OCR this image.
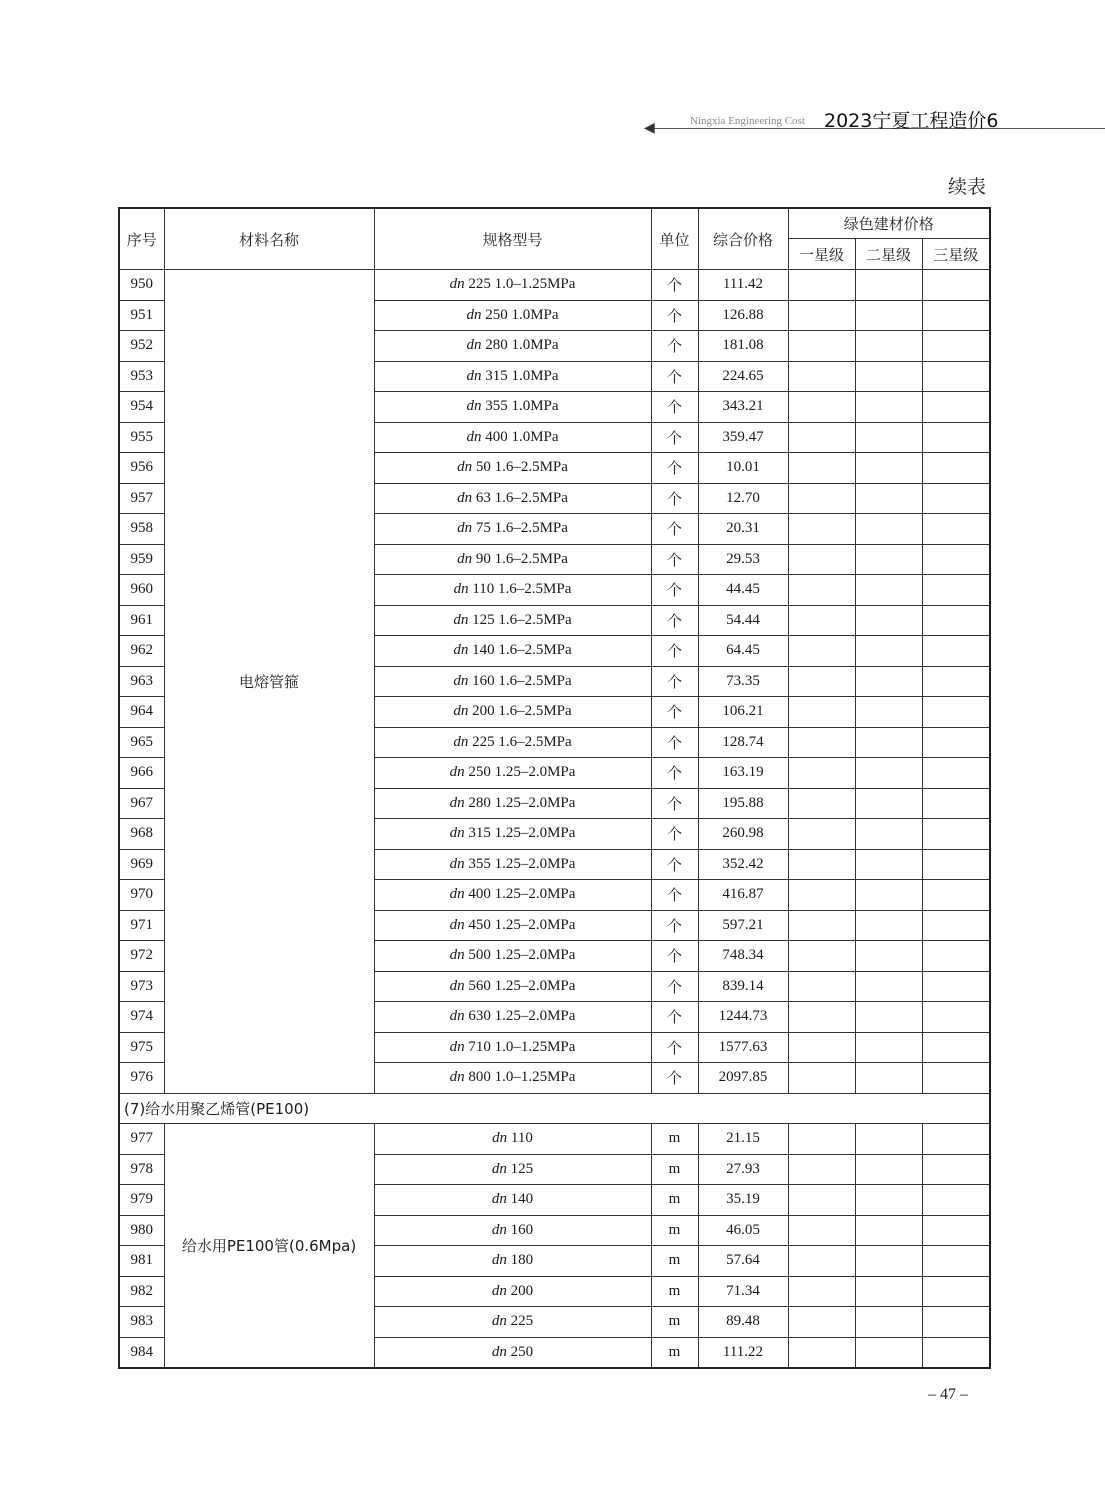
◀	Ningxia Engineering Cost 2023宁夏工程造价6
续表
序号	材料名称	规格型号	单位	综合价格	绿色建材价格		
					一星级	二星级	三星级
950	电熔管箍	dn 225 1.0–1.25MPa	个	111.42			
951		dn 250 1.0MPa	个	126.88			
952		dn 280 1.0MPa	个	181.08			
953		dn 315 1.0MPa	个	224.65			
954		dn 355 1.0MPa	个	343.21			
955		dn 400 1.0MPa	个	359.47			
956		dn 50 1.6–2.5MPa	个	10.01			
957		dn 63 1.6–2.5MPa	个	12.70			
958		dn 75 1.6–2.5MPa	个	20.31			
959		dn 90 1.6–2.5MPa	个	29.53			
960		dn 110 1.6–2.5MPa	个	44.45			
961		dn 125 1.6–2.5MPa	个	54.44			
962		dn 140 1.6–2.5MPa	个	64.45			
963		dn 160 1.6–2.5MPa	个	73.35			
964		dn 200 1.6–2.5MPa	个	106.21			
965		dn 225 1.6–2.5MPa	个	128.74			
966		dn 250 1.25–2.0MPa	个	163.19			
967		dn 280 1.25–2.0MPa	个	195.88			
968		dn 315 1.25–2.0MPa	个	260.98			
969		dn 355 1.25–2.0MPa	个	352.42			
970		dn 400 1.25–2.0MPa	个	416.87			
971		dn 450 1.25–2.0MPa	个	597.21			
972		dn 500 1.25–2.0MPa	个	748.34			
973		dn 560 1.25–2.0MPa	个	839.14			
974		dn 630 1.25–2.0MPa	个	1244.73			
975		dn 710 1.0–1.25MPa	个	1577.63			
976		dn 800 1.0–1.25MPa	个	2097.85			
(7)给水用聚乙烯管(PE100)							
977	给水用PE100管(0.6Mpa)	dn 110	m	21.15			
978		dn 125	m	27.93			
979		dn 140	m	35.19			
980		dn 160	m	46.05			
981		dn 180	m	57.64			
982		dn 200	m	71.34			
983		dn 225	m	89.48			
984		dn 250	m	111.22			
– 47 –
